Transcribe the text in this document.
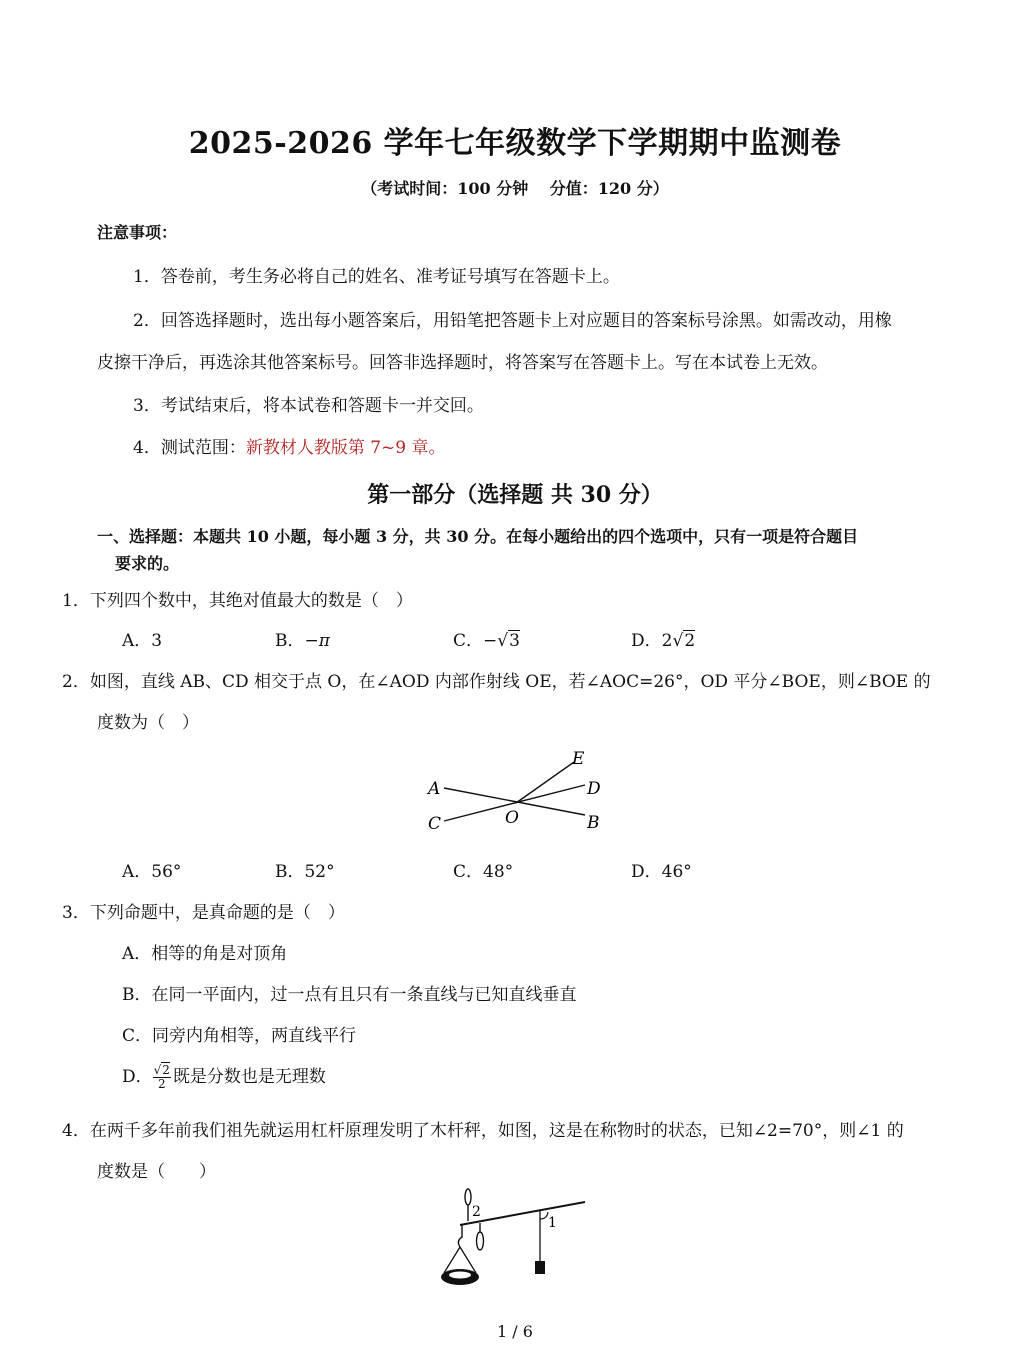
2025-2026 学年七年级数学下学期期中监测卷
（考试时间：100 分钟　 分值：120 分）
注意事项：
1．答卷前，考生务必将自己的姓名、准考证号填写在答题卡上。
2．回答选择题时，选出每小题答案后，用铅笔把答题卡上对应题目的答案标号涂黑。如需改动，用橡
皮擦干净后，再选涂其他答案标号。回答非选择题时，将答案写在答题卡上。写在本试卷上无效。
3．考试结束后，将本试卷和答题卡一并交回。
4．测试范围：新教材人教版第 7~9 章。
第一部分（选择题 共 30 分）
一、选择题：本题共 10 小题，每小题 3 分，共 30 分。在每小题给出的四个选项中，只有一项是符合题目
要求的。
1．下列四个数中，其绝对值最大的数是（　）
A．3	B．−π	C．−√3	D．2√2
2．如图，直线 AB、CD 相交于点 O，在∠AOD 内部作射线 OE，若∠AOC=26°，OD 平分∠BOE，则∠BOE 的
度数为（　）
A
C
E
D
B
O
A．56°	B．52°	C．48°	D．46°
3．下列命题中，是真命题的是（　）
A．相等的角是对顶角
B．在同一平面内，过一点有且只有一条直线与已知直线垂直
C．同旁内角相等，两直线平行
D． $\frac{√2}{2}$ 既是分数也是无理数
4．在两千多年前我们祖先就运用杠杆原理发明了木杆秤，如图，这是在称物时的状态，已知∠2=70°，则∠1 的
度数是（　　）
2
1
1 / 6
